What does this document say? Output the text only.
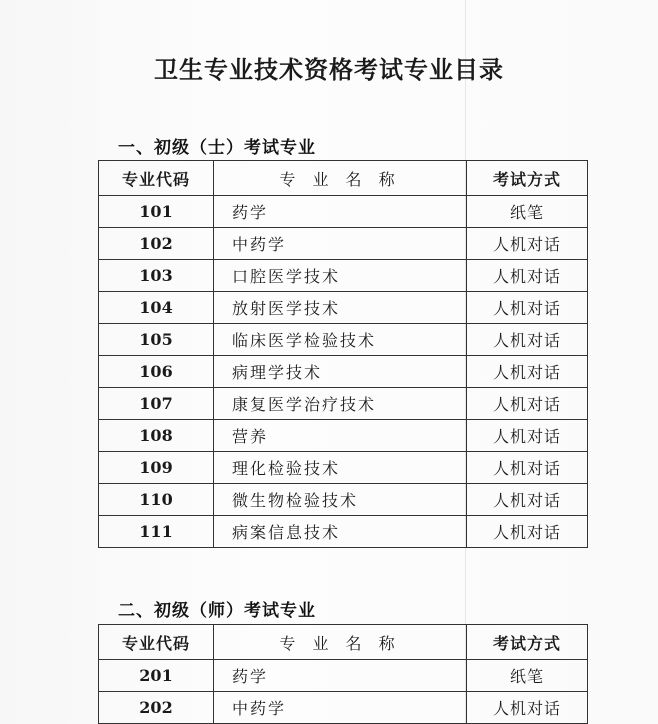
卫生专业技术资格考试专业目录
一、初级（士）考试专业
专业代码	专 业 名 称	考试方式
101	药学	纸笔
102	中药学	人机对话
103	口腔医学技术	人机对话
104	放射医学技术	人机对话
105	临床医学检验技术	人机对话
106	病理学技术	人机对话
107	康复医学治疗技术	人机对话
108	营养	人机对话
109	理化检验技术	人机对话
110	微生物检验技术	人机对话
111	病案信息技术	人机对话
二、初级（师）考试专业
专业代码	专 业 名 称	考试方式
201	药学	纸笔
202	中药学	人机对话
